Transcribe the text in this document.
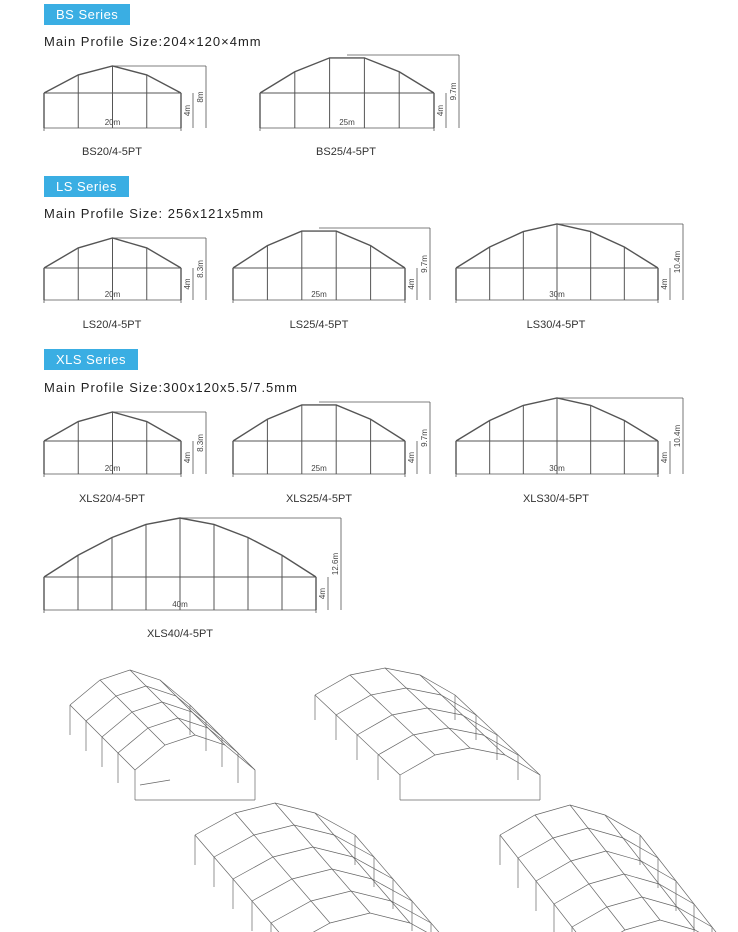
BS Series
Main Profile Size:204×120×4mm
LS Series
Main Profile Size: 256x121x5mm
XLS Series
Main Profile Size:300x120x5.5/7.5mm
BS20/4-5PT	BS25/4-5PT
LS20/4-5PT	LS25/4-5PT	LS30/4-5PT
XLS20/4-5PT	XLS25/4-5PT	XLS30/4-5PT
XLS40/4-5PT
20m
4m
8m
25m
4m
9.7m
20m
4m
8.3m
25m
4m
9.7m
30m
4m
10.4m
20m
4m
8.3m
25m
4m
9.7m
30m
4m
10.4m
40m
4m
12.6m
